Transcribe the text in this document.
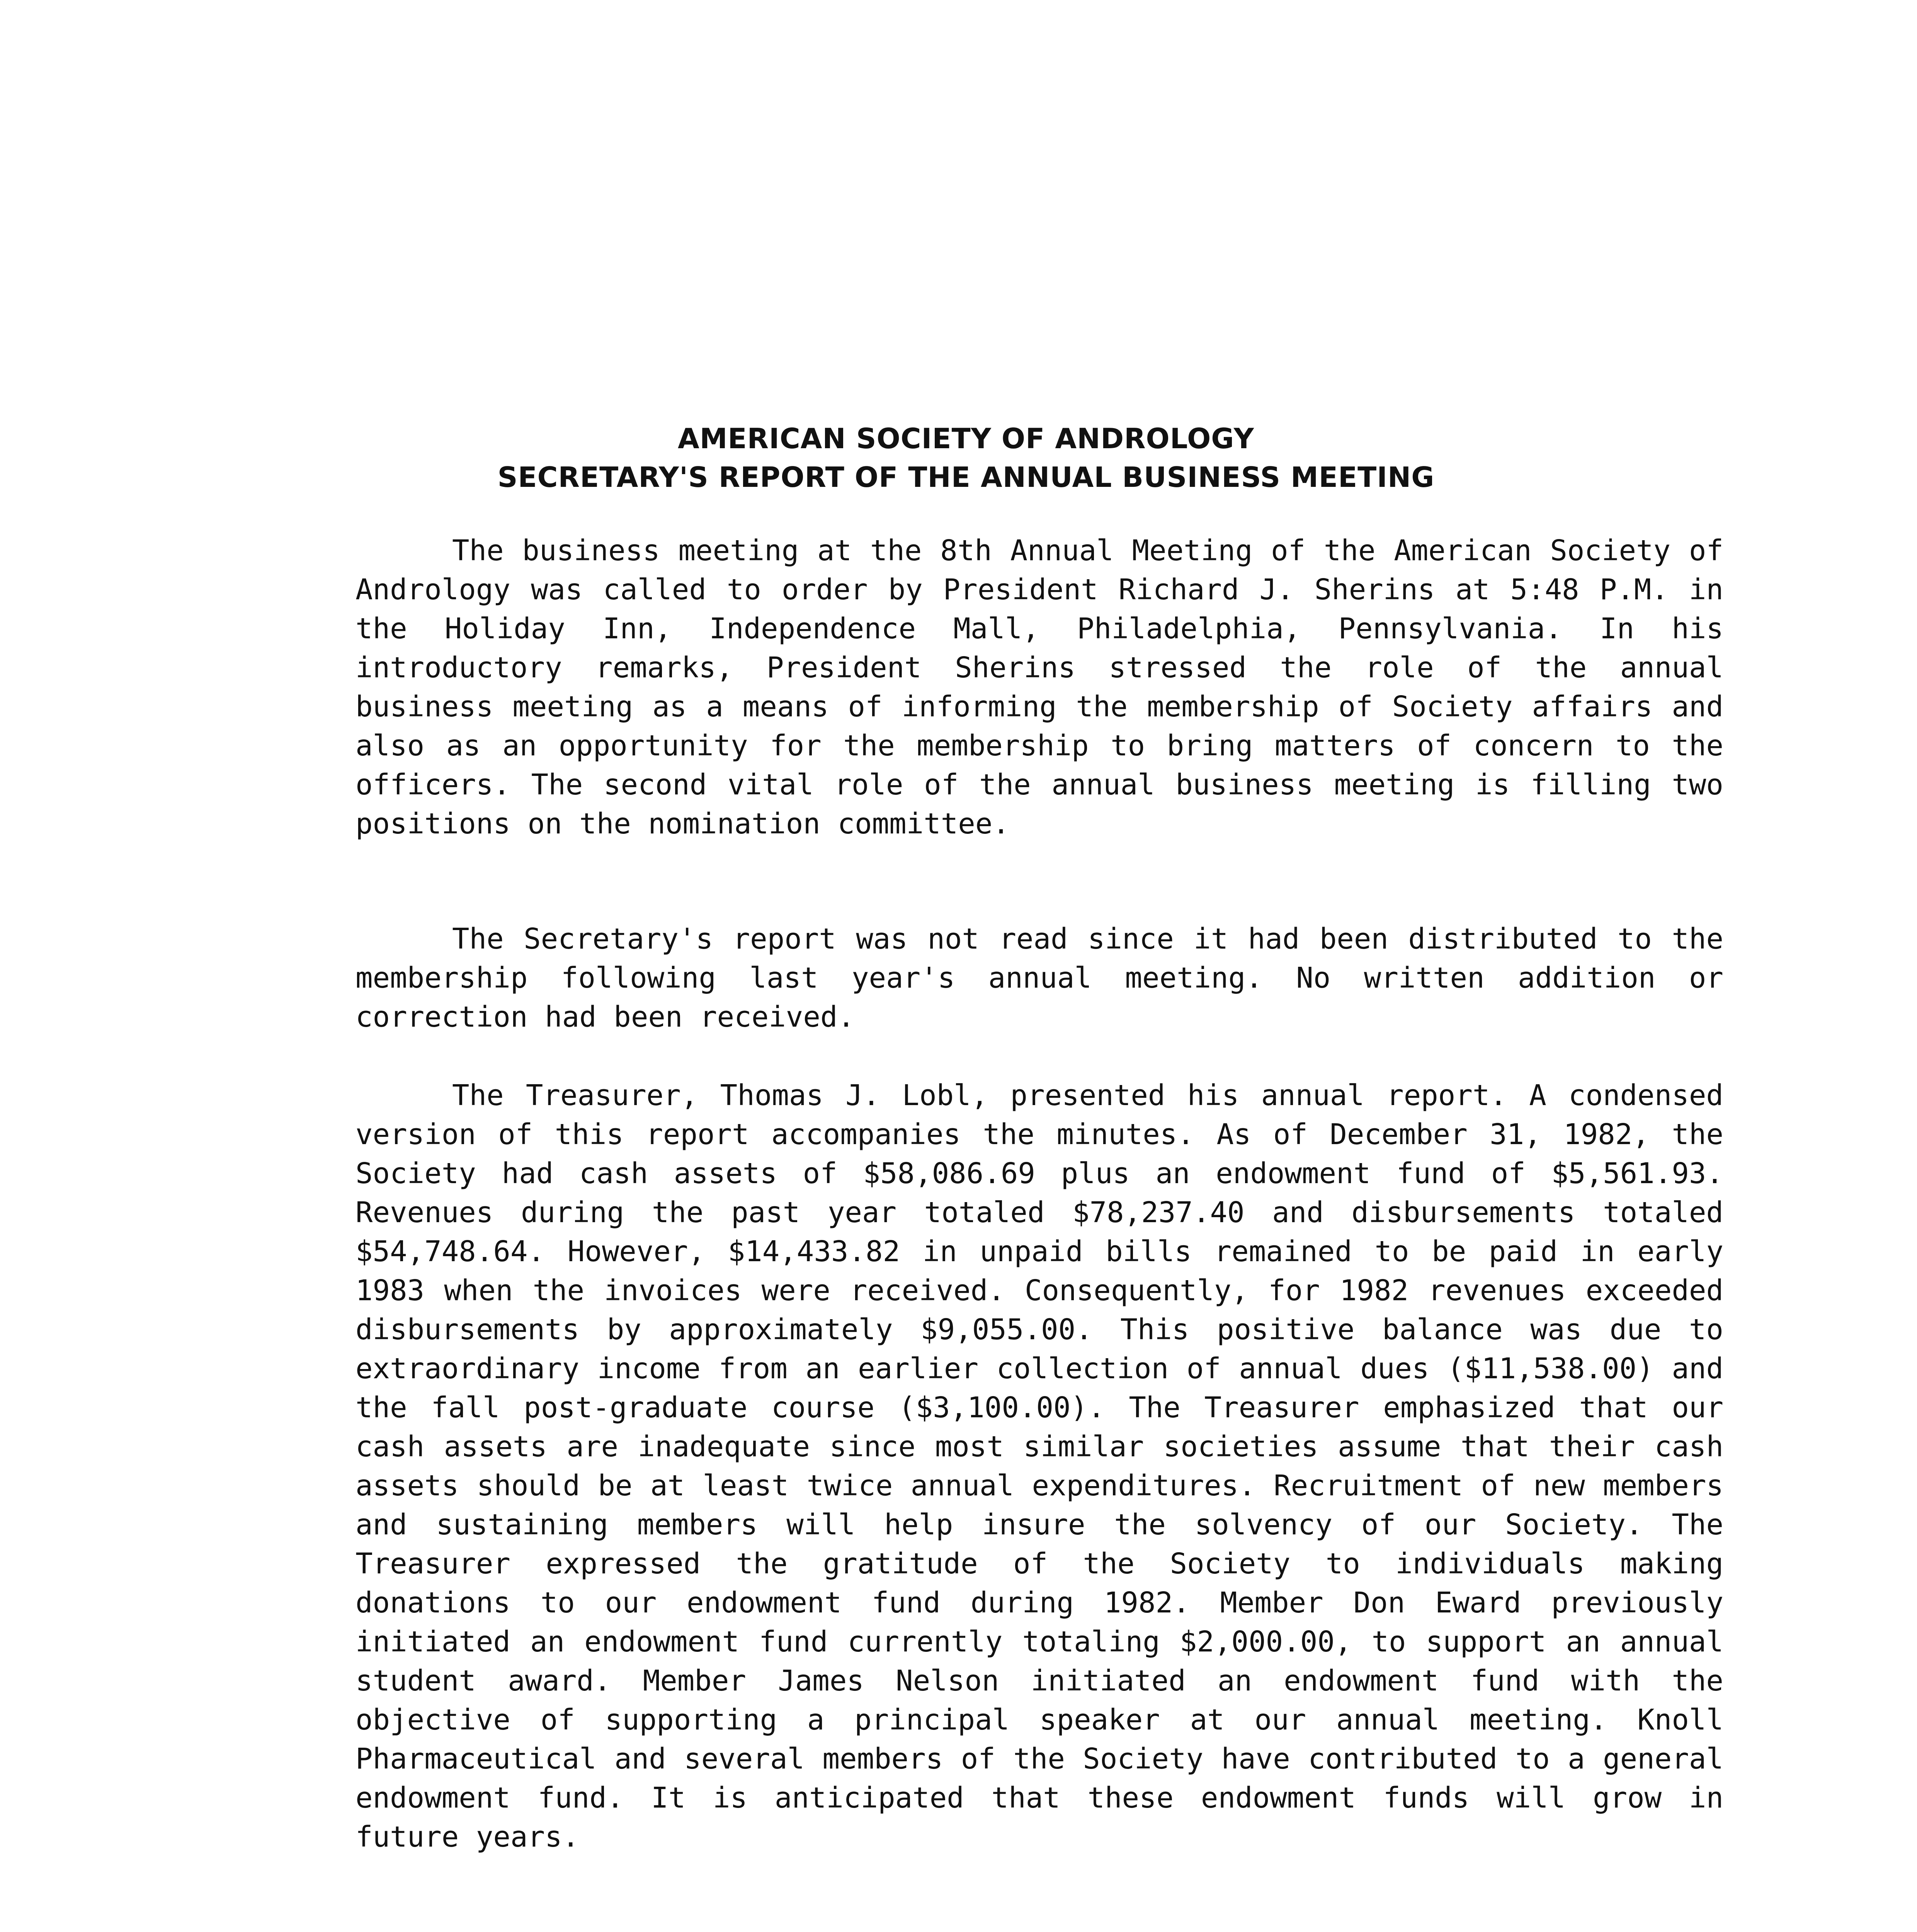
AMERICAN SOCIETY OF ANDROLOGY
SECRETARY'S REPORT OF THE ANNUAL BUSINESS MEETING

The business meeting at the 8th Annual Meeting of the American Society of Andrology was called to order by President Richard J. Sherins at 5:48 P.M. in the Holiday Inn, Independence Mall, Philadelphia, Pennsylvania. In his introductory remarks, President Sherins stressed the role of the annual business meeting as a means of informing the membership of Society affairs and also as an opportunity for the membership to bring matters of concern to the officers. The second vital role of the annual business meeting is filling two positions on the nomination committee.

The Secretary's report was not read since it had been distributed to the membership following last year's annual meeting. No written addition or correction had been received.

The Treasurer, Thomas J. Lobl, presented his annual report. A condensed version of this report accompanies the minutes. As of December 31, 1982, the Society had cash assets of $58,086.69 plus an endowment fund of $5,561.93. Revenues during the past year totaled $78,237.40 and disbursements totaled $54,748.64. However, $14,433.82 in unpaid bills remained to be paid in early 1983 when the invoices were received. Consequently, for 1982 revenues exceeded disbursements by approximately $9,055.00. This positive balance was due to extraordinary income from an earlier collection of annual dues ($11,538.00) and the fall post-graduate course ($3,100.00). The Treasurer emphasized that our cash assets are inadequate since most similar societies assume that their cash assets should be at least twice annual expenditures. Recruitment of new members and sustaining members will help insure the solvency of our Society. The Treasurer expressed the gratitude of the Society to individuals making donations to our endowment fund during 1982. Member Don Eward previously initiated an endowment fund currently totaling $2,000.00, to support an annual student award. Member James Nelson initiated an endowment fund with the objective of supporting a principal speaker at our annual meeting. Knoll Pharmaceutical and several members of the Society have contributed to a general endowment fund. It is anticipated that these endowment funds will grow in future years.
